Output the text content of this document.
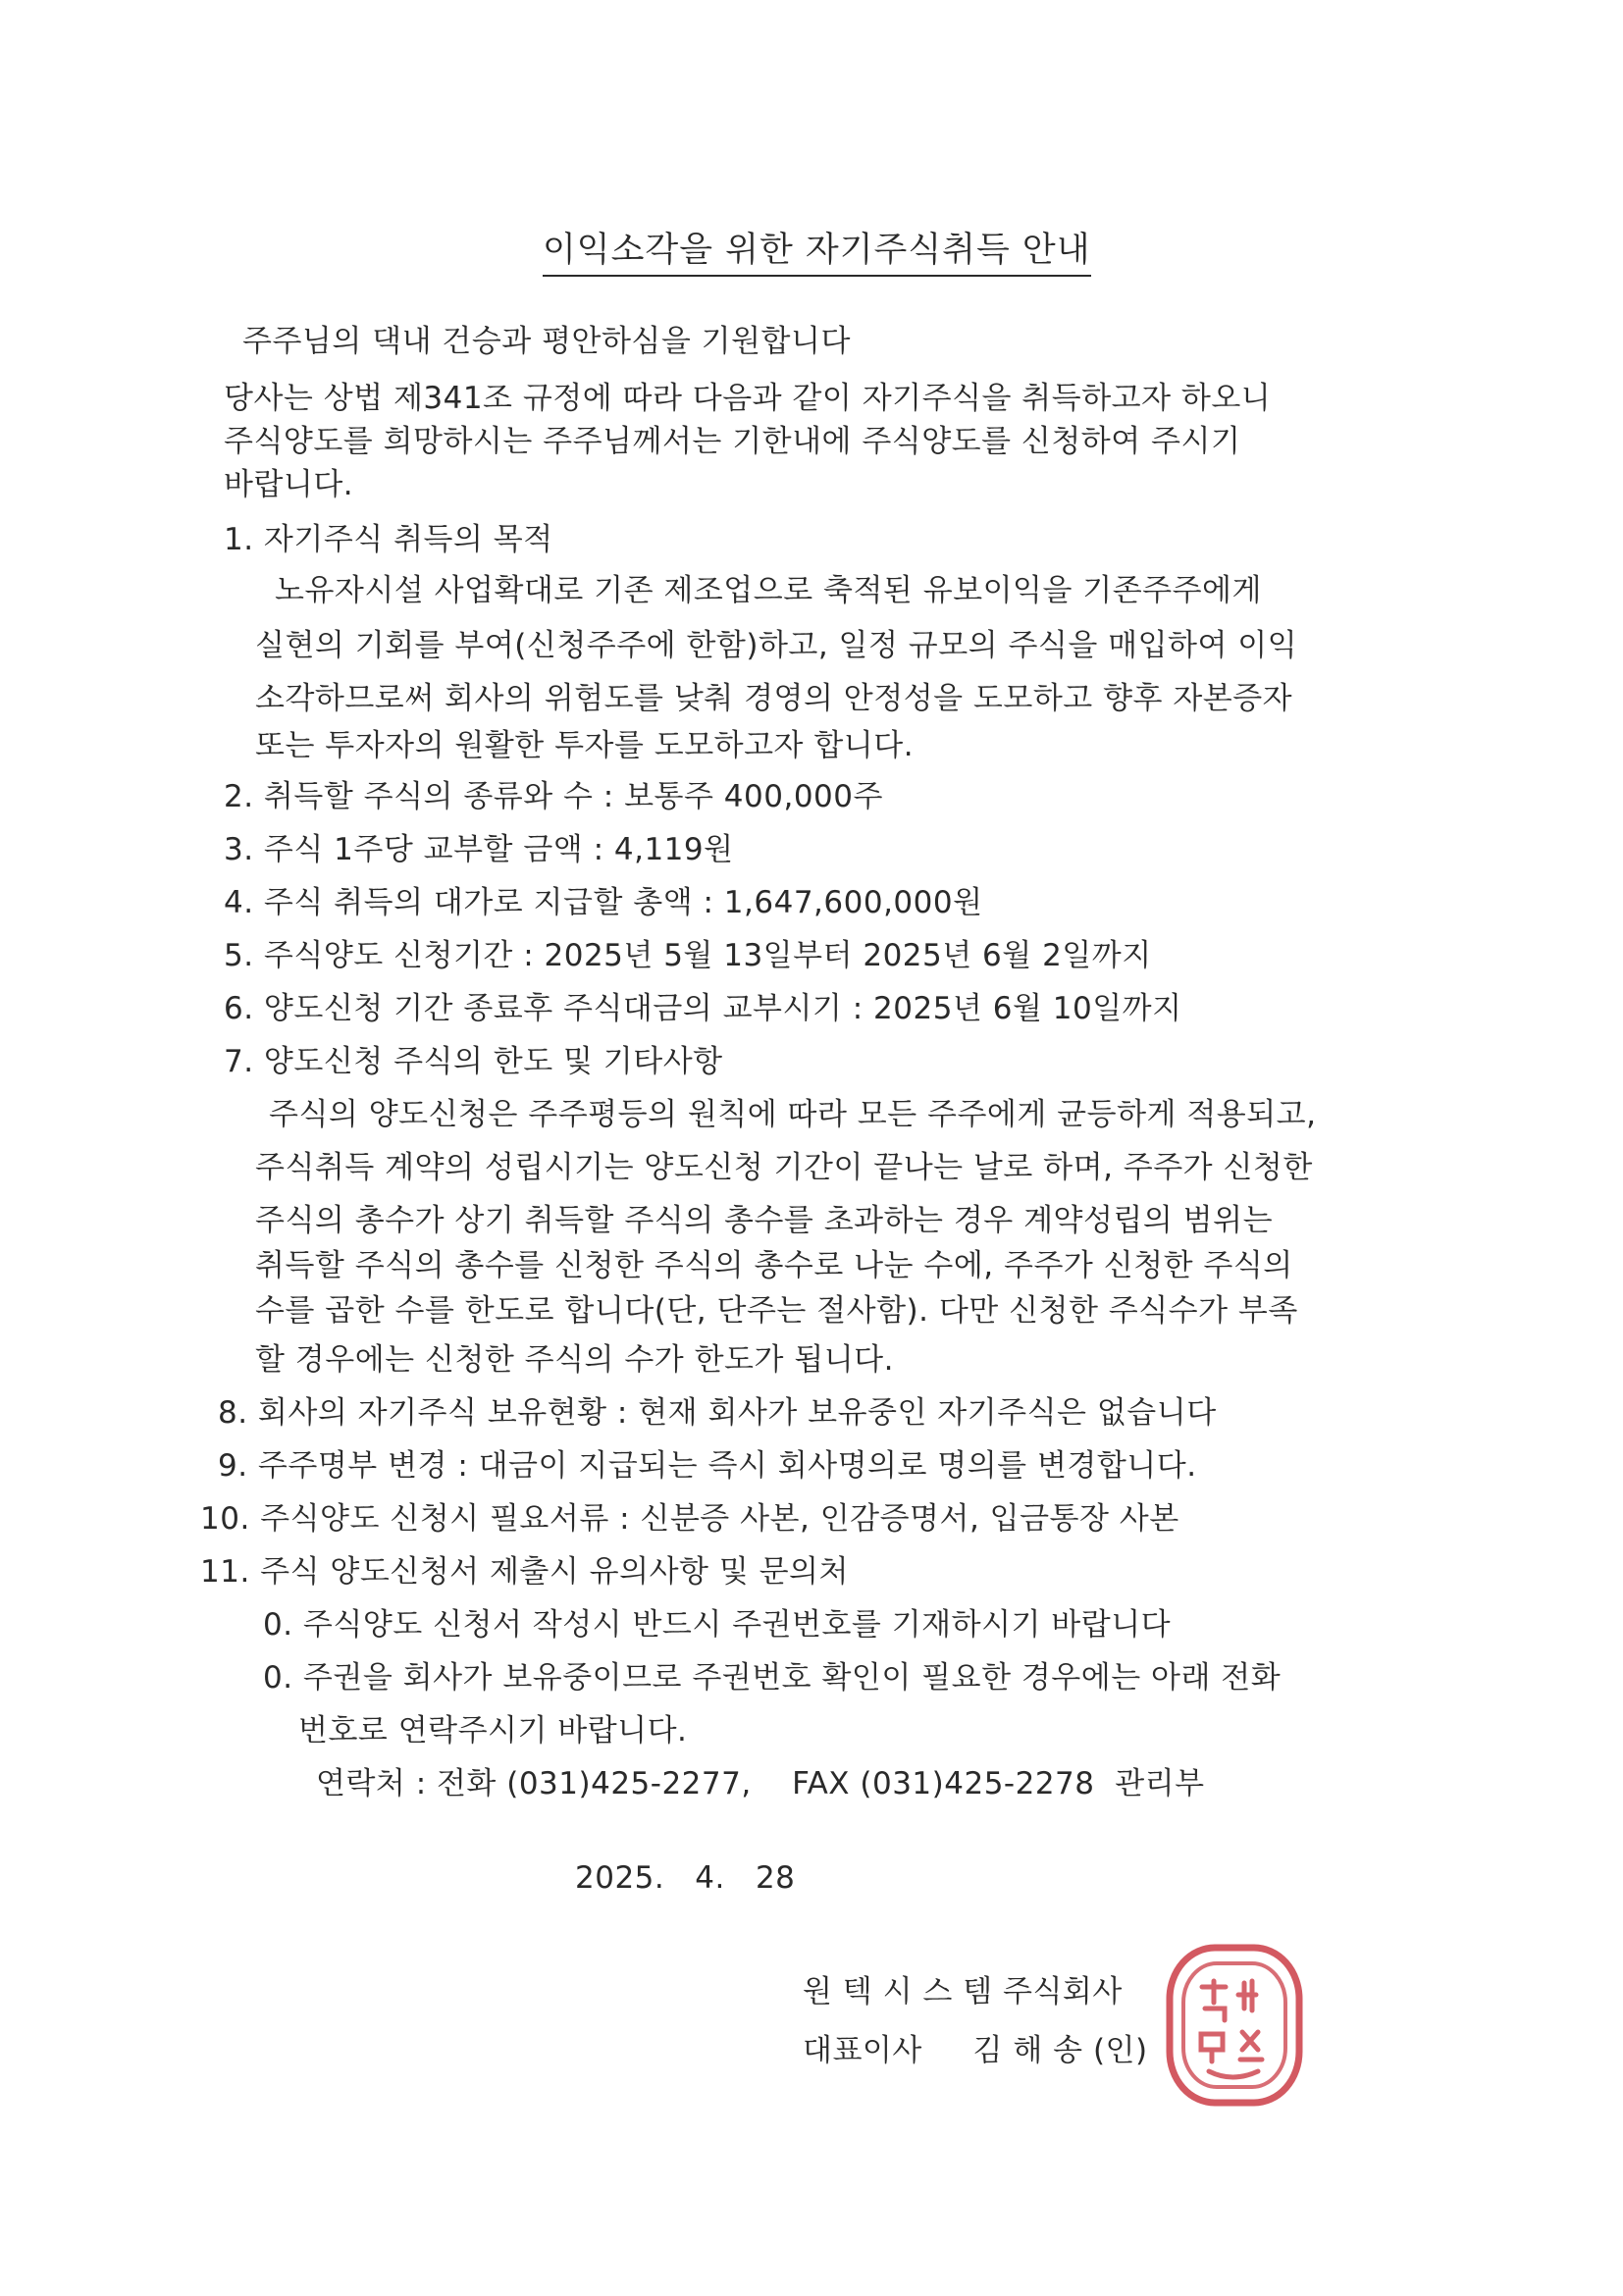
이익소각을 위한 자기주식취득 안내
주주님의 댁내 건승과 평안하심을 기원합니다
당사는 상법 제341조 규정에 따라 다음과 같이 자기주식을 취득하고자 하오니
주식양도를 희망하시는 주주님께서는 기한내에 주식양도를 신청하여 주시기
바랍니다.
1. 자기주식 취득의 목적
노유자시설 사업확대로 기존 제조업으로 축적된 유보이익을 기존주주에게
실현의 기회를 부여(신청주주에 한함)하고, 일정 규모의 주식을 매입하여 이익
소각하므로써 회사의 위험도를 낮춰 경영의 안정성을 도모하고 향후 자본증자
또는 투자자의 원활한 투자를 도모하고자 합니다.
2. 취득할 주식의 종류와 수 : 보통주 400,000주
3. 주식 1주당 교부할 금액 : 4,119원
4. 주식 취득의 대가로 지급할 총액 : 1,647,600,000원
5. 주식양도 신청기간 : 2025년 5월 13일부터 2025년 6월 2일까지
6. 양도신청 기간 종료후 주식대금의 교부시기 : 2025년 6월 10일까지
7. 양도신청 주식의 한도 및 기타사항
주식의 양도신청은 주주평등의 원칙에 따라 모든 주주에게 균등하게 적용되고,
주식취득 계약의 성립시기는 양도신청 기간이 끝나는 날로 하며, 주주가 신청한
주식의 총수가 상기 취득할 주식의 총수를 초과하는 경우 계약성립의 범위는
취득할 주식의 총수를 신청한 주식의 총수로 나눈 수에, 주주가 신청한 주식의
수를 곱한 수를 한도로 합니다(단, 단주는 절사함). 다만 신청한 주식수가 부족
할 경우에는 신청한 주식의 수가 한도가 됩니다.
8. 회사의 자기주식 보유현황 : 현재 회사가 보유중인 자기주식은 없습니다
9. 주주명부 변경 : 대금이 지급되는 즉시 회사명의로 명의를 변경합니다.
10. 주식양도 신청시 필요서류 : 신분증 사본, 인감증명서, 입금통장 사본
11. 주식 양도신청서 제출시 유의사항 및 문의처
0. 주식양도 신청서 작성시 반드시 주권번호를 기재하시기 바랍니다
0. 주권을 회사가 보유중이므로 주권번호 확인이 필요한 경우에는 아래 전화
번호로 연락주시기 바랍니다.
연락처 : 전화 (031)425-2277,    FAX (031)425-2278  관리부
2025.   4.   28
원 텍 시 스 템 주식회사
대표이사     김 해 송 (인)
